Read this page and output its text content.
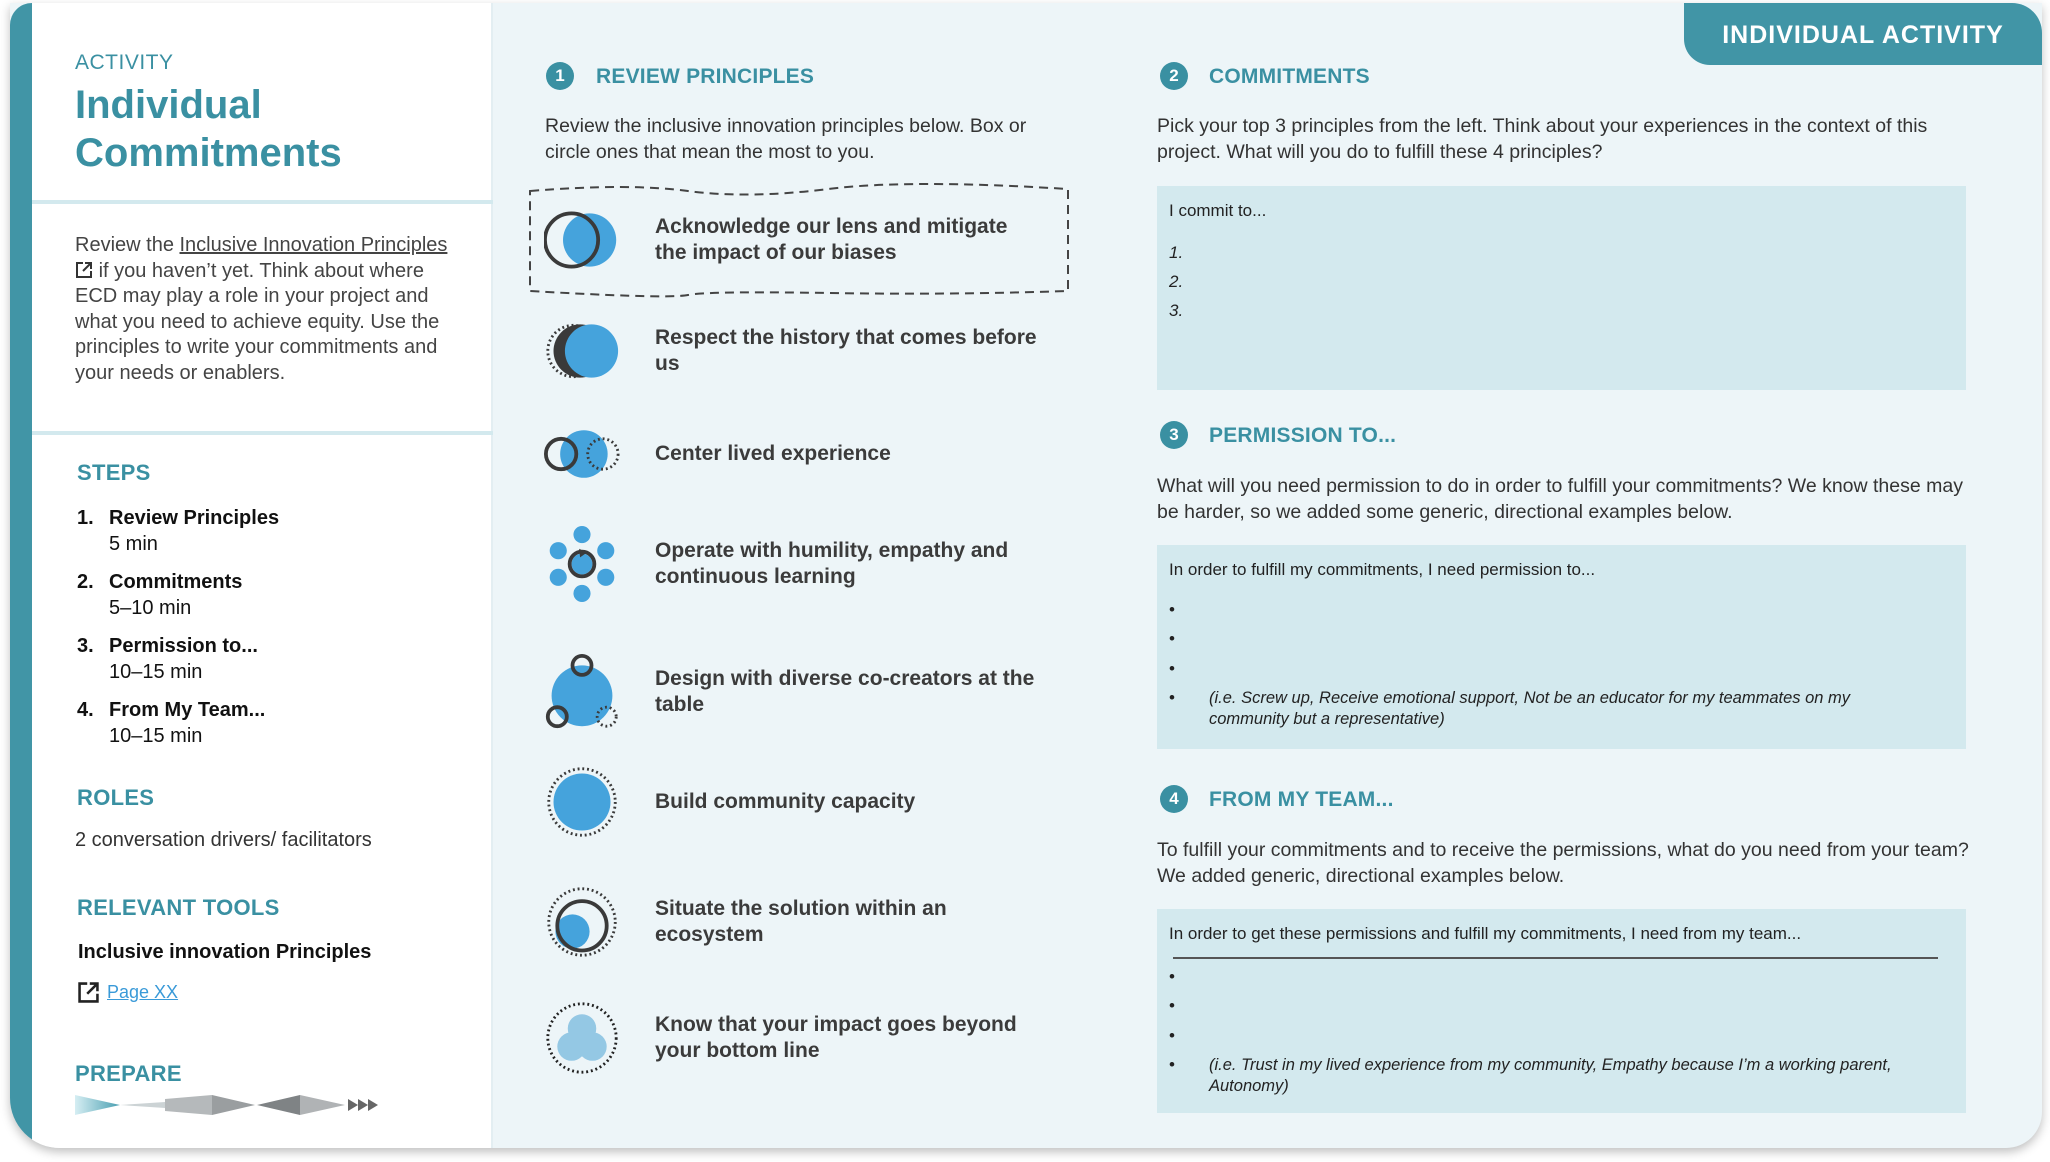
ACTIVITY
Individual
Commitments
Review the Inclusive Innovation Principles  if you haven’t yet. Think about where ECD may play a role in your project and what you need to achieve equity. Use the principles to write your commitments and your needs or enablers.
STEPS
1. Review Principles
5 min
2. Commitments
5–10 min
3. Permission to...
10–15 min
4. From My Team...
10–15 min
ROLES
2 conversation drivers/ facilitators
RELEVANT TOOLS
Inclusive innovation Principles
Page XX
PREPARE
INDIVIDUAL ACTIVITY
1	REVIEW PRINCIPLES
Review the inclusive innovation principles below. Box or circle ones that mean the most to you.
Acknowledge our lens and mitigate the impact of our biases
Respect the history that comes before us
Center lived experience
Operate with humility, empathy and continuous learning
Design with diverse co-creators at the table
Build community capacity
Situate the solution within an ecosystem
Know that your impact goes beyond your bottom line
2	COMMITMENTS
Pick your top 3 principles from the left. Think about your experiences in the context of this project. What will you do to fulfill these 4 principles?
I commit to...
1.
2.
3.
3	PERMISSION TO...
What will you need permission to do in order to fulfill your commitments? We know these may be harder, so we added some generic, directional examples below.
In order to fulfill my commitments, I need permission to...
•
•
•
• (i.e. Screw up, Receive emotional support, Not be an educator for my teammates on my community but a representative)
4	FROM MY TEAM...
To fulfill your commitments and to receive the permissions, what do you need from your team? We added generic, directional examples below.
In order to get these permissions and fulfill my commitments, I need from my team...
•
•
•
• (i.e. Trust in my lived experience from my community, Empathy because I’m a working parent, Autonomy)
